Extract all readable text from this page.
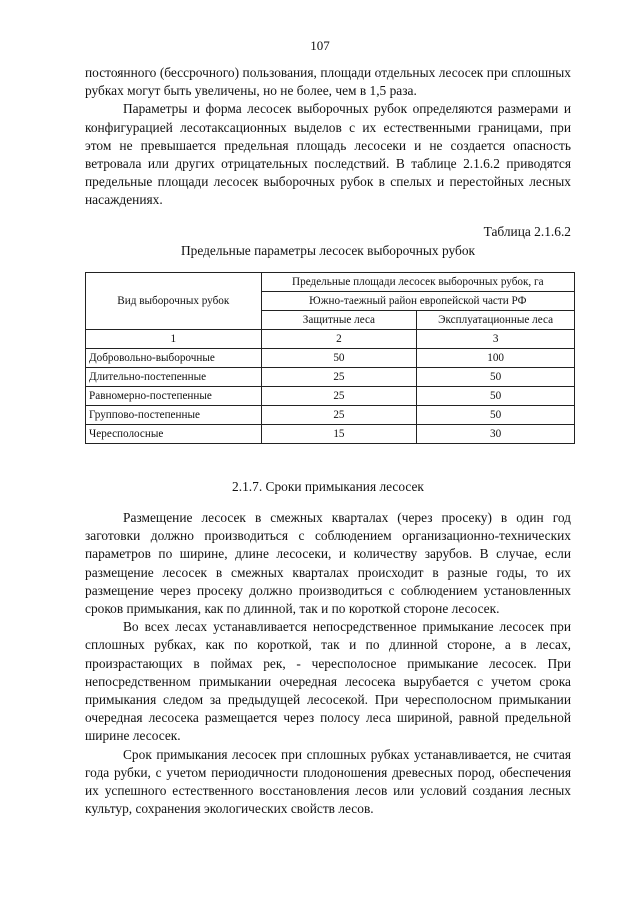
107

постоянного (бессрочного) пользования, площади отдельных лесосек при сплошных рубках могут быть увеличены, но не более, чем в 1,5 раза.

Параметры и форма лесосек выборочных рубок определяются размерами и конфигурацией лесотаксационных выделов с их естественными границами, при этом не превышается предельная площадь лесосеки и не создается опасность ветровала или других отрицательных последствий. В таблице 2.1.6.2 приводятся предельные площади лесосек выборочных рубок в спелых и перестойных лесных насаждениях.

Таблица 2.1.6.2
Предельные параметры лесосек выборочных рубок
Вид выборочных рубок	Предельные площади лесосек выборочных рубок, га	
	Южно-таежный район европейской части РФ	
	Защитные леса	Эксплуатационные леса
1	2	3
Добровольно-выборочные	50	100
Длительно-постепенные	25	50
Равномерно-постепенные	25	50
Группово-постепенные	25	50
Чересполосные	15	30
2.1.7. Сроки примыкания лесосек

Размещение лесосек в смежных кварталах (через просеку) в один год заготовки должно производиться с соблюдением организационно-технических параметров по ширине, длине лесосеки, и количеству зарубов. В случае, если размещение лесосек в смежных кварталах происходит в разные годы, то их размещение через просеку должно производиться с соблюдением установленных сроков примыкания, как по длинной, так и по короткой стороне лесосек.

Во всех лесах устанавливается непосредственное примыкание лесосек при сплошных рубках, как по короткой, так и по длинной стороне, а в лесах, произрастающих в поймах рек, - чересполосное примыкание лесосек. При непосредственном примыкании очередная лесосека вырубается с учетом срока примыкания следом за предыдущей лесосекой. При чересполосном примыкании очередная лесосека размещается через полосу леса шириной, равной предельной ширине лесосек.

Срок примыкания лесосек при сплошных рубках устанавливается, не считая года рубки, с учетом периодичности плодоношения древесных пород, обеспечения их успешного естественного восстановления лесов или условий создания лесных культур, сохранения экологических свойств лесов.
